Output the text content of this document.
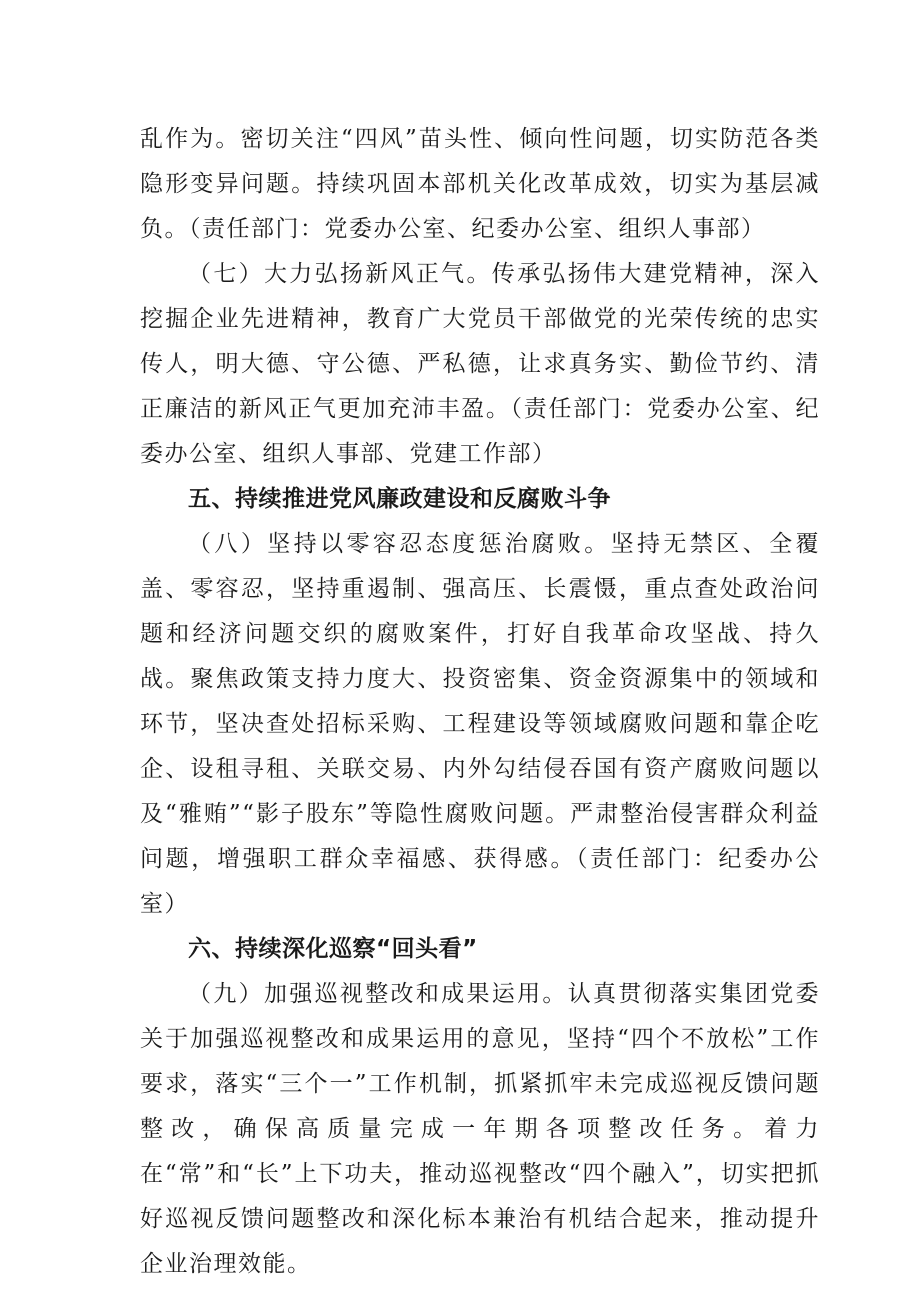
乱作为。密切关注“四风”苗头性、倾向性问题，切实防范各类隐形变异问题。持续巩固本部机关化改革成效，切实为基层减负。（责任部门：党委办公室、纪委办公室、组织人事部）

（七）大力弘扬新风正气。传承弘扬伟大建党精神，深入挖掘企业先进精神，教育广大党员干部做党的光荣传统的忠实传人，明大德、守公德、严私德，让求真务实、勤俭节约、清正廉洁的新风正气更加充沛丰盈。（责任部门：党委办公室、纪委办公室、组织人事部、党建工作部）

五、持续推进党风廉政建设和反腐败斗争

（八）坚持以零容忍态度惩治腐败。坚持无禁区、全覆盖、零容忍，坚持重遏制、强高压、长震慑，重点查处政治问题和经济问题交织的腐败案件，打好自我革命攻坚战、持久战。聚焦政策支持力度大、投资密集、资金资源集中的领域和环节，坚决查处招标采购、工程建设等领域腐败问题和靠企吃企、设租寻租、关联交易、内外勾结侵吞国有资产腐败问题以及“雅贿”“影子股东”等隐性腐败问题。严肃整治侵害群众利益问题，增强职工群众幸福感、获得感。（责任部门：纪委办公室）

六、持续深化巡察“回头看”

（九）加强巡视整改和成果运用。认真贯彻落实集团党委关于加强巡视整改和成果运用的意见，坚持“四个不放松”工作要求，落实“三个一”工作机制，抓紧抓牢未完成巡视反馈问题整改，确保高质量完成一年期各项整改任务。着力在“常”和“长”上下功夫，推动巡视整改“四个融入”，切实把抓好巡视反馈问题整改和深化标本兼治有机结合起来，推动提升企业治理效能。
